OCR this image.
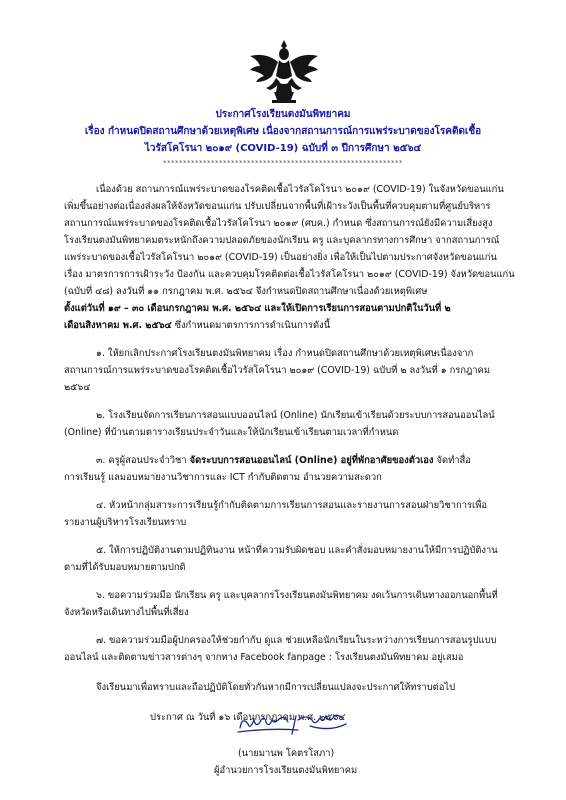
ประกาศโรงเรียนตงมันพิทยาคม
เรื่อง กำหนดปิดสถานศึกษาด้วยเหตุพิเศษ เนื่องจากสถานการณ์การแพร่ระบาดของโรคติดเชื้อ
ไวรัสโคโรนา ๒๐๑๙ (COVID-19) ฉบับที่ ๓ ปีการศึกษา ๒๕๖๔
************************************************************
เนื่องด้วย สถานการณ์แพร่ระบาดของโรคติดเชื้อไวรัสโคโรนา ๒๐๑๙ (COVID-19) ในจังหวัดขอนแก่น
เพิ่มขึ้นอย่างต่อเนื่องส่งผลให้จังหวัดขอนแก่น ปรับเปลี่ยนจากพื้นที่เฝ้าระวังเป็นพื้นที่ควบคุมตามที่ศูนย์บริหาร
สถานการณ์แพร่ระบาดของโรคติดเชื้อไวรัสโคโรนา ๒๐๑๙ (ศบค.) กำหนด ซึ่งสถานการณ์ยังมีความเสี่ยงสูง
โรงเรียนตงมันพิทยาคมตระหนักถึงความปลอดภัยของนักเรียน ครู และบุคลากรทางการศึกษา จากสถานการณ์
แพร่ระบาดของเชื้อไวรัสโคโรนา ๒๐๑๙ (COVID-19) เป็นอย่างยิ่ง เพื่อให้เป็นไปตามประกาศจังหวัดขอนแก่น
เรื่อง มาตรการการเฝ้าระวัง ป้องกัน และควบคุมโรคติดต่อเชื้อไวรัสโคโรนา ๒๐๑๙ (COVID-19) จังหวัดขอนแก่น
(ฉบับที่ ๔๘) ลงวันที่ ๑๑ กรกฎาคม พ.ศ. ๒๕๖๔ จึงกำหนดปิดสถานศึกษาเนื่องด้วยเหตุพิเศษ
ตั้งแต่วันที่ ๑๙ – ๓๐ เดือนกรกฎาคม พ.ศ. ๒๕๖๔ และให้เปิดการเรียนการสอนตามปกติในวันที่ ๒
เดือนสิงหาคม พ.ศ. ๒๕๖๔ ซึ่งกำหนดมาตรการการดำเนินการดังนี้
๑. ให้ยกเลิกประกาศโรงเรียนตงมันพิทยาคม เรื่อง กำหนดปิดสถานศึกษาด้วยเหตุพิเศษเนื่องจาก
สถานการณ์การแพร่ระบาดของโรคติดเชื้อไวรัสโคโรนา ๒๐๑๙ (COVID-19) ฉบับที่ ๒ ลงวันที่ ๑ กรกฎาคม
๒๕๖๔
๒. โรงเรียนจัดการเรียนการสอนแบบออนไลน์ (Online) นักเรียนเข้าเรียนด้วยระบบการสอนออนไลน์
(Online) ที่บ้านตามตารางเรียนประจำวันและให้นักเรียนเข้าเรียนตามเวลาที่กำหนด
๓. ครูผู้สอนประจำวิชา จัดระบบการสอนออนไลน์ (Online) อยู่ที่พักอาศัยของตัวเอง จัดทำสื่อ
การเรียนรู้ แลมอบหมายงานวิชาการและ ICT กำกับติดตาม อำนวยความสะดวก
๔. หัวหน้ากลุ่มสาระการเรียนรู้กำกับติดตามการเรียนการสอนและรายงานการสอนฝ่ายวิชาการเพื่อ
รายงานผู้บริหารโรงเรียนทราบ
๕. ให้การปฏิบัติงานตามปฏิทินงาน หน้าที่ความรับผิดชอบ และคำสั่งมอบหมายงานให้มีการปฏิบัติงาน
ตามที่ได้รับมอบหมายตามปกติ
๖. ขอความร่วมมือ นักเรียน ครู และบุคลากรโรงเรียนตงมันพิทยาคม งดเว้นการเดินทางออกนอกพื้นที่
จังหวัดหรือเดินทางไปพื้นที่เสี่ยง
๗. ขอความร่วมมือผู้ปกครองให้ช่วยกำกับ ดูแล ช่วยเหลือนักเรียนในระหว่างการเรียนการสอนรูปแบบ
ออนไลน์ และติดตามข่าวสารต่างๆ จากทาง Facebook fanpage : โรงเรียนตงมันพิทยาคม อยู่เสมอ
จึงเรียนมาเพื่อทราบและถือปฏิบัติโดยทั่วกันหากมีการเปลี่ยนแปลงจะประกาศให้ทราบต่อไป
ประกาศ ณ วันที่ ๑๖ เดือนกรกฎาคม พ.ศ. ๒๕๖๔
(นายมานพ โคตรโสภา)
ผู้อำนวยการโรงเรียนตงมันพิทยาคม
